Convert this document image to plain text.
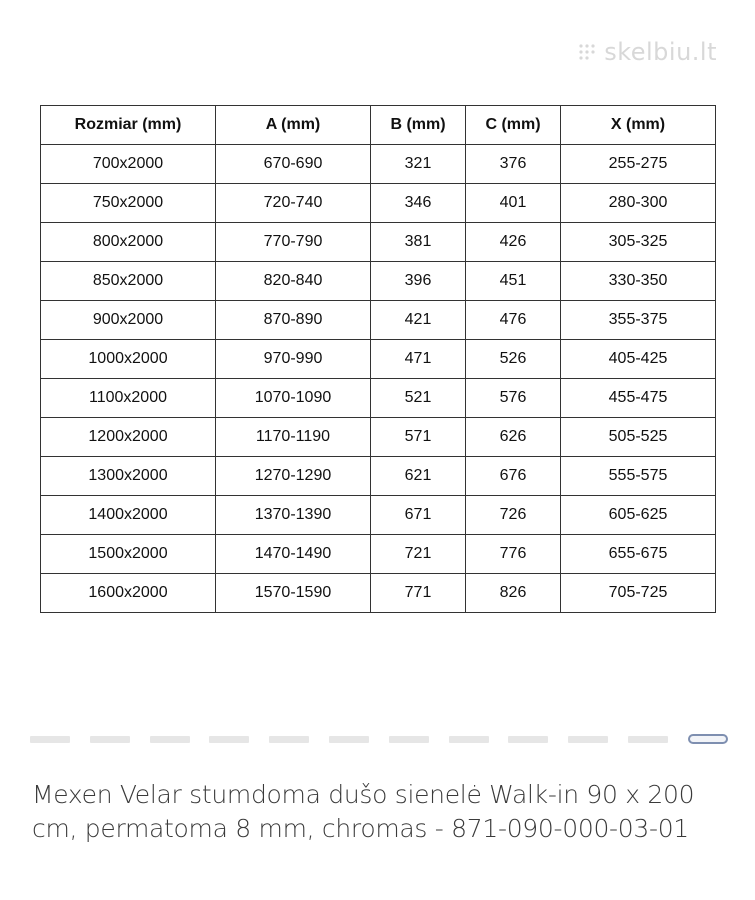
skelbiu.lt
Rozmiar (mm)	A (mm)	B (mm)	C (mm)	X (mm)
700x2000	670-690	321	376	255-275
750x2000	720-740	346	401	280-300
800x2000	770-790	381	426	305-325
850x2000	820-840	396	451	330-350
900x2000	870-890	421	476	355-375
1000x2000	970-990	471	526	405-425
1100x2000	1070-1090	521	576	455-475
1200x2000	1170-1190	571	626	505-525
1300x2000	1270-1290	621	676	555-575
1400x2000	1370-1390	671	726	605-625
1500x2000	1470-1490	721	776	655-675
1600x2000	1570-1590	771	826	705-725
Mexen Velar stumdoma dušo sienelė Walk-in 90 x 200 cm, permatoma 8 mm, chromas - 871-090-000-03-01
